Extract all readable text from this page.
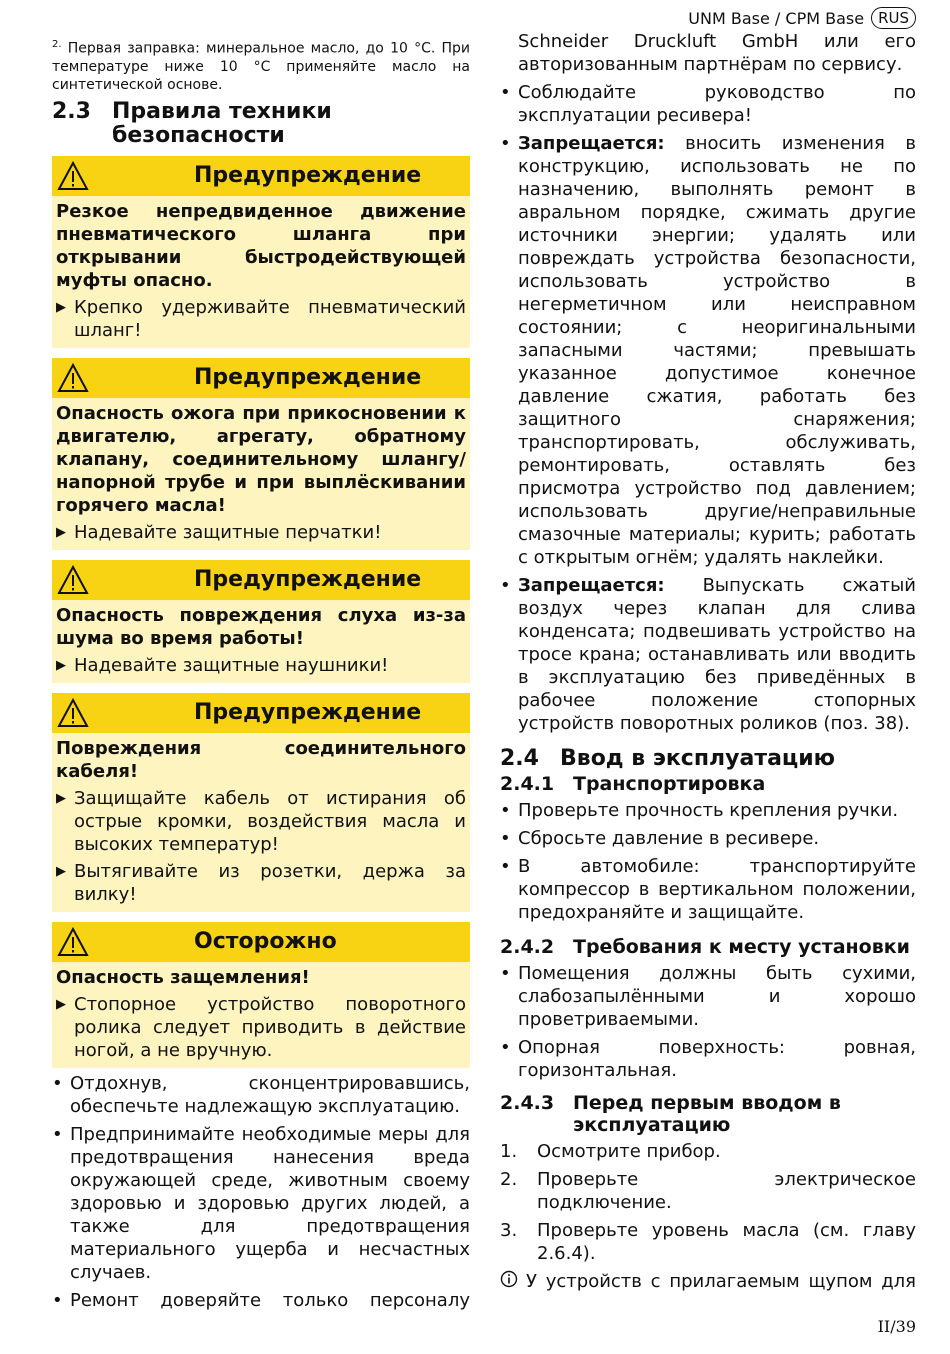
UNM Base / CPM Base RUS

$^{2.}$ Первая заправка: минеральное масло, до 10 °C. При температуре ниже 10 °C применяйте масло на синтетической основе.

2.3 Правила техники безопасности
Предупреждение
Резкое непредвиденное движение пневматического шланга при открывании быстродействующей муфты опасно.
▶ Крепко удерживайте пневматический шланг!
Предупреждение
Опасность ожога при прикосновении к двигателю, агрегату, обратному клапану, соединительному шлангу/ напорной трубе и при выплёскивании горячего масла!
▶ Надевайте защитные перчатки!
Предупреждение
Опасность повреждения слуха из-за шума во время работы!
▶ Надевайте защитные наушники!
Предупреждение
Повреждения соединительного кабеля!
▶ Защищайте кабель от истирания об острые кромки, воздействия масла и высоких температур!
▶ Вытягивайте из розетки, держа за вилку!
Осторожно
Опасность защемления!
▶ Стопорное устройство поворотного ролика следует приводить в действие ногой, а не вручную.
• Отдохнув, сконцентрировавшись, обеспечьте надлежащую эксплуатацию.
• Предпринимайте необходимые меры для предотвращения нанесения вреда окружающей среде, животным своему здоровью и здоровью других людей, а также для предотвращения материального ущерба и несчастных случаев.
• Ремонт доверяйте только персоналу
Schneider Druckluft GmbH или его авторизованным партнёрам по сервису.
• Соблюдайте руководство по эксплуатации ресивера!
• Запрещается: вносить изменения в конструкцию, использовать не по назначению, выполнять ремонт в авральном порядке, сжимать другие источники энергии; удалять или повреждать устройства безопасности, использовать устройство в негерметичном или неисправном состоянии; с неоригинальными запасными частями; превышать указанное допустимое конечное давление сжатия, работать без защитного снаряжения; транспортировать, обслуживать, ремонтировать, оставлять без присмотра устройство под давлением; использовать другие/неправильные смазочные материалы; курить; работать с открытым огнём; удалять наклейки.
• Запрещается: Выпускать сжатый воздух через клапан для слива конденсата; подвешивать устройство на тросе крана; останавливать или вводить в эксплуатацию без приведённых в рабочее положение стопорных устройств поворотных роликов (поз. 38).
2.4 Ввод в эксплуатацию
2.4.1 Транспортировка
• Проверьте прочность крепления ручки.
• Сбросьте давление в ресивере.
• В автомобиле: транспортируйте компрессор в вертикальном положении, предохраняйте и защищайте.
2.4.2 Требования к месту установки
• Помещения должны быть сухими, слабозапылёнными и хорошо проветриваемыми.
• Опорная поверхность: ровная, горизонтальная.
2.4.3 Перед первым вводом в эксплуатацию
1.	Осмотрите прибор.
2.	Проверьте электрическое подключение.
3.	Проверьте уровень масла (см. главу 2.6.4).
У устройств с прилагаемым щупом для
II/39
